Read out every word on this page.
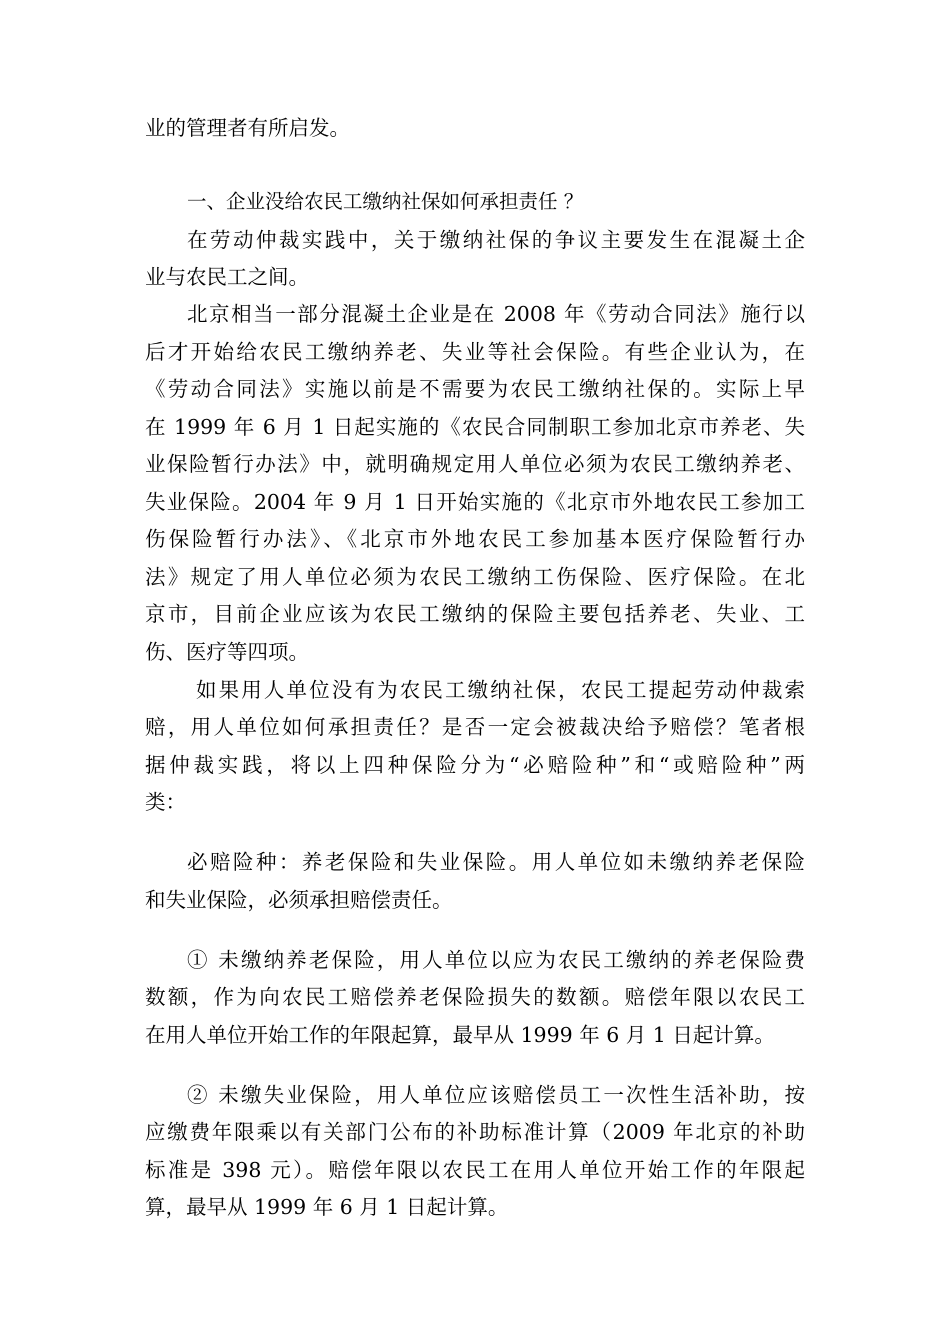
业的管理者有所启发。
一、企业没给农民工缴纳社保如何承担责任 ？
在劳动仲裁实践中，关于缴纳社保的争议主要发生在混凝土企
业与农民工之间。
北京相当一部分混凝土企业是在 2008 年《劳动合同法》施行以
后才开始给农民工缴纳养老、失业等社会保险。有些企业认为，在
《劳动合同法》实施以前是不需要为农民工缴纳社保的。实际上早
在 1999 年 6 月 1 日起实施的《农民合同制职工参加北京市养老、失
业保险暂行办法》中，就明确规定用人单位必须为农民工缴纳养老、
失业保险。2004 年 9 月 1 日开始实施的《北京市外地农民工参加工
伤保险暂行办法》、《北京市外地农民工参加基本医疗保险暂行办
法》规定了用人单位必须为农民工缴纳工伤保险、医疗保险。在北
京市，目前企业应该为农民工缴纳的保险主要包括养老、失业、工
伤、医疗等四项。
如果用人单位没有为农民工缴纳社保，农民工提起劳动仲裁索
赔，用人单位如何承担责任？是否一定会被裁决给予赔偿？笔者根
据仲裁实践，将以上四种保险分为“必赔险种”和“或赔险种”两
类：
必赔险种：养老保险和失业保险。用人单位如未缴纳养老保险
和失业保险，必须承担赔偿责任。
① 未缴纳养老保险，用人单位以应为农民工缴纳的养老保险费
数额，作为向农民工赔偿养老保险损失的数额。赔偿年限以农民工
在用人单位开始工作的年限起算，最早从 1999 年 6 月 1 日起计算。
② 未缴失业保险，用人单位应该赔偿员工一次性生活补助，按
应缴费年限乘以有关部门公布的补助标准计算（2009 年北京的补助
标准是 398 元）。赔偿年限以农民工在用人单位开始工作的年限起
算，最早从 1999 年 6 月 1 日起计算。
